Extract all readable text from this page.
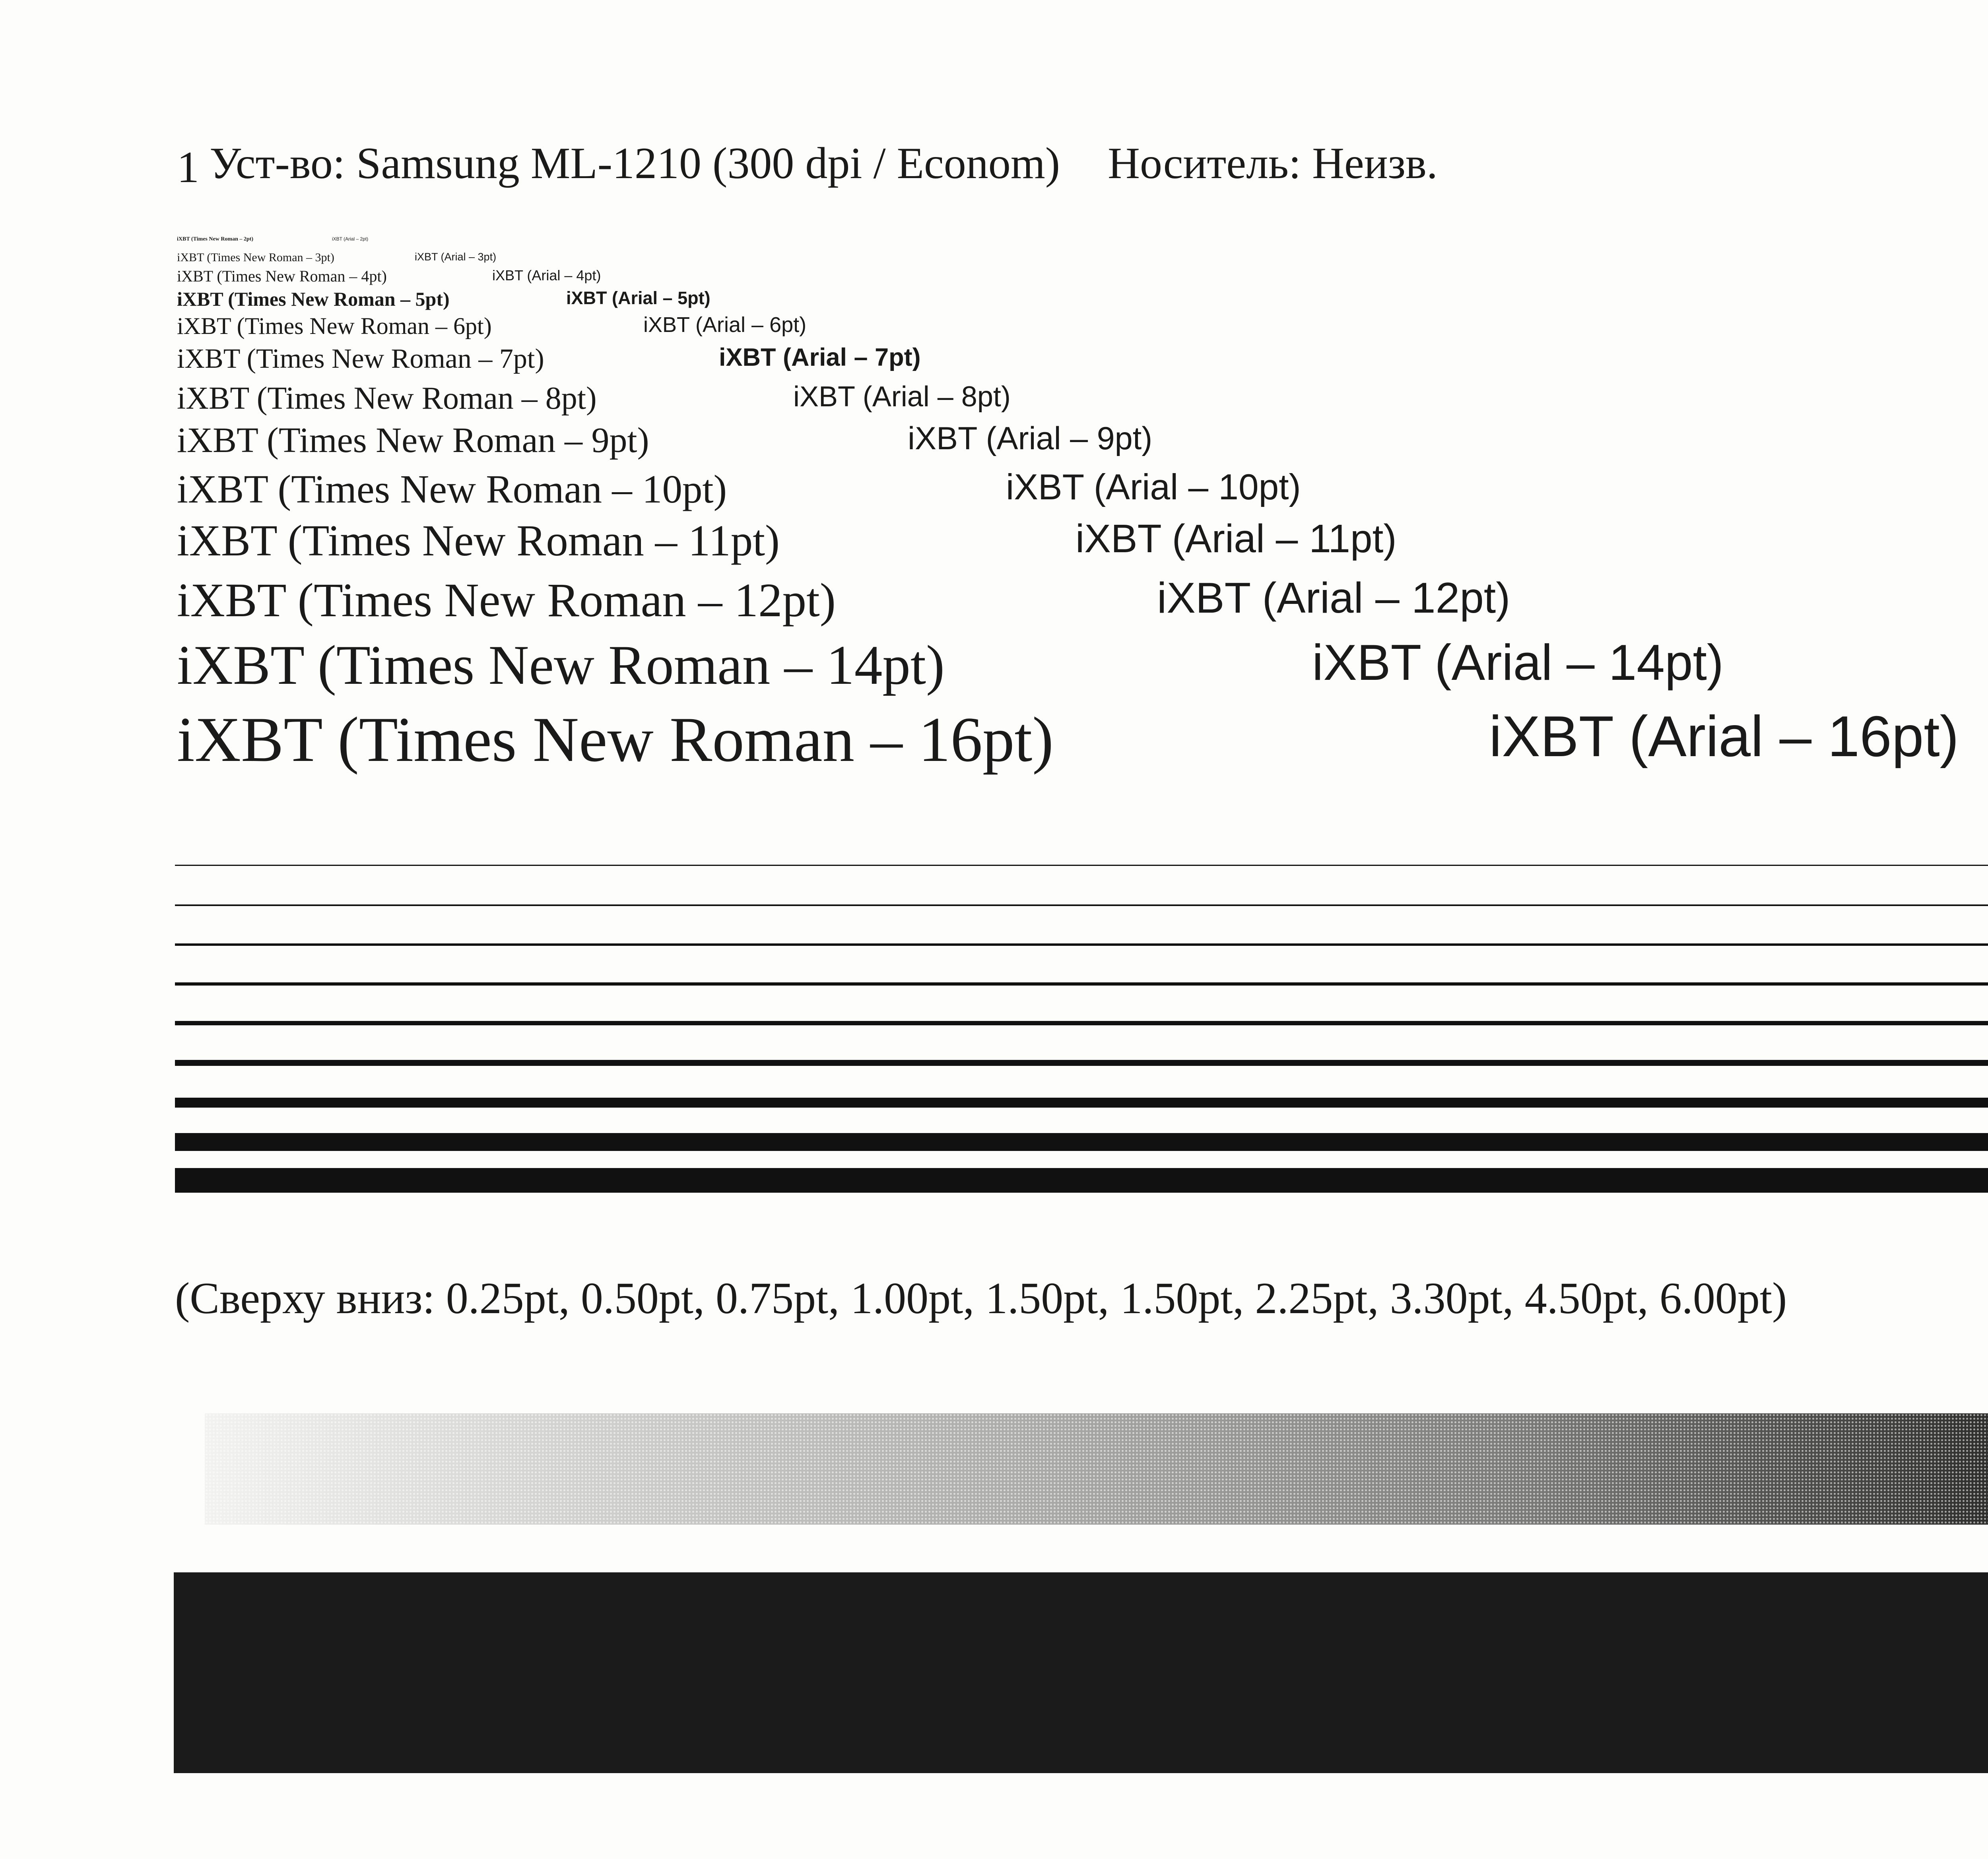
1 Уст-во: Samsung ML-1210 (300 dpi / Econom) Носитель: Неизв.
iXBT (Times New Roman – 2pt)	iXBT (Arial – 2pt)
iXBT (Times New Roman – 3pt)	iXBT (Arial – 3pt)
iXBT (Times New Roman – 4pt)	iXBT (Arial – 4pt)
iXBT (Times New Roman – 5pt)	iXBT (Arial – 5pt)
iXBT (Times New Roman – 6pt)	iXBT (Arial – 6pt)
iXBT (Times New Roman – 7pt)	iXBT (Arial – 7pt)
iXBT (Times New Roman – 8pt)	iXBT (Arial – 8pt)
iXBT (Times New Roman – 9pt)	iXBT (Arial – 9pt)
iXBT (Times New Roman – 10pt)	iXBT (Arial – 10pt)
iXBT (Times New Roman – 11pt)	iXBT (Arial – 11pt)
iXBT (Times New Roman – 12pt)	iXBT (Arial – 12pt)
iXBT (Times New Roman – 14pt)	iXBT (Arial – 14pt)
iXBT (Times New Roman – 16pt)	iXBT (Arial – 16pt)
(Сверху вниз: 0.25pt, 0.50pt, 0.75pt, 1.00pt, 1.50pt, 1.50pt, 2.25pt, 3.30pt, 4.50pt, 6.00pt)
